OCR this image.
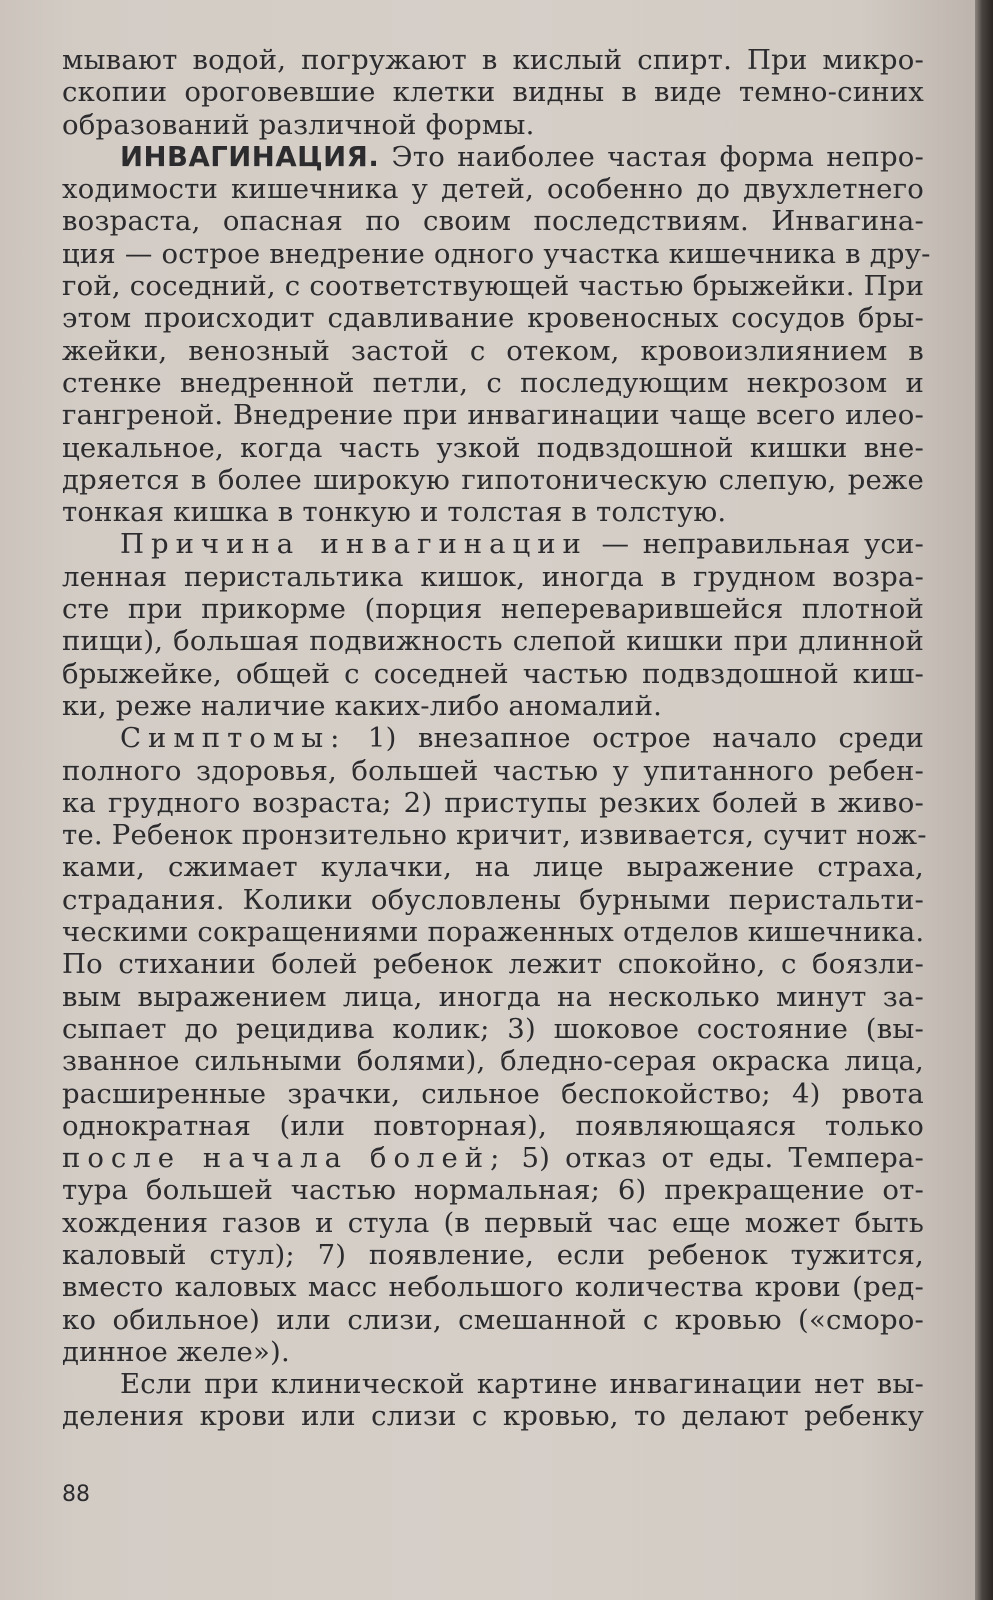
мывают водой, погружают в кислый спирт. При микро-
скопии ороговевшие клетки видны в виде темно-синих
образований различной формы.
ИНВАГИНАЦИЯ. Это наиболее частая форма непро-
ходимости кишечника у детей, особенно до двухлетнего
возраста, опасная по своим последствиям. Инвагина-
ция — острое внедрение одного участка кишечника в дру-
гой, соседний, с соответствующей частью брыжейки. При
этом происходит сдавливание кровеносных сосудов бры-
жейки, венозный застой с отеком, кровоизлиянием в
стенке внедренной петли, с последующим некрозом и
гангреной. Внедрение при инвагинации чаще всего илео-
цекальное, когда часть узкой подвздошной кишки вне-
дряется в более широкую гипотоническую слепую, реже
тонкая кишка в тонкую и толстая в толстую.
Причина инвагинации — неправильная уси-
ленная перистальтика кишок, иногда в грудном возра-
сте при прикорме (порция непереварившейся плотной
пищи), большая подвижность слепой кишки при длинной
брыжейке, общей с соседней частью подвздошной киш-
ки, реже наличие каких-либо аномалий.
Симптомы: 1) внезапное острое начало среди
полного здоровья, большей частью у упитанного ребен-
ка грудного возраста; 2) приступы резких болей в живо-
те. Ребенок пронзительно кричит, извивается, сучит нож-
ками, сжимает кулачки, на лице выражение страха,
страдания. Колики обусловлены бурными перистальти-
ческими сокращениями пораженных отделов кишечника.
По стихании болей ребенок лежит спокойно, с боязли-
вым выражением лица, иногда на несколько минут за-
сыпает до рецидива колик; 3) шоковое состояние (вы-
званное сильными болями), бледно-серая окраска лица,
расширенные зрачки, сильное беспокойство; 4) рвота
однократная (или повторная), появляющаяся только
после начала болей; 5) отказ от еды. Темпера-
тура большей частью нормальная; 6) прекращение от-
хождения газов и стула (в первый час еще может быть
каловый стул); 7) появление, если ребенок тужится,
вместо каловых масс небольшого количества крови (ред-
ко обильное) или слизи, смешанной с кровью («сморо-
динное желе»).
Если при клинической картине инвагинации нет вы-
деления крови или слизи с кровью, то делают ребенку
88
